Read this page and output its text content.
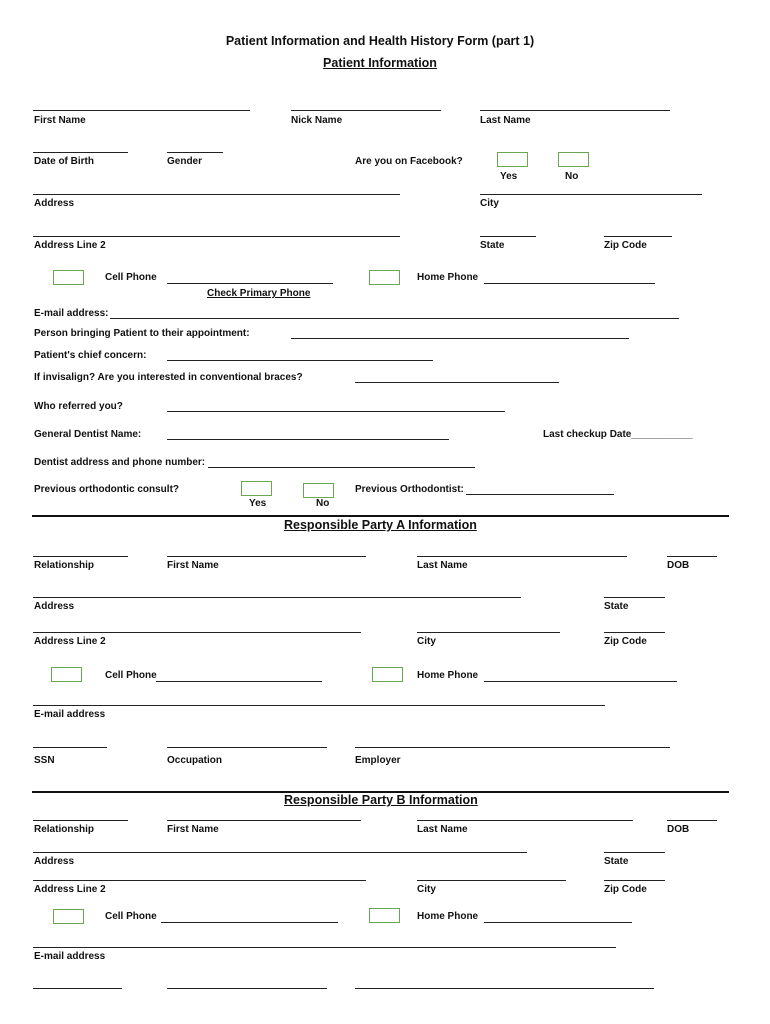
Patient Information and Health History Form (part 1)
Patient Information
First Name	Nick Name	Last Name
Date of Birth	Gender	Are you on Facebook?
Yes	No
Address	City
Address Line 2	State	Zip Code
Cell Phone	Home Phone
Check Primary Phone
E-mail address:
Person bringing Patient to their appointment:
Patient's chief concern:
If invisalign? Are you interested in conventional braces?
Who referred you?
General Dentist Name:	Last checkup Date___________
Dentist address and phone number:
Previous orthodontic consult?
Yes	No
Previous Orthodontist:
Responsible Party A Information
Relationship	First Name	Last Name	DOB
Address	State
Address Line 2	City	Zip Code
Cell Phone	Home Phone
E-mail address
SSN	Occupation	Employer
Responsible Party B Information
Relationship	First Name	Last Name	DOB
Address	State
Address Line 2	City	Zip Code
Cell Phone	Home Phone
E-mail address
